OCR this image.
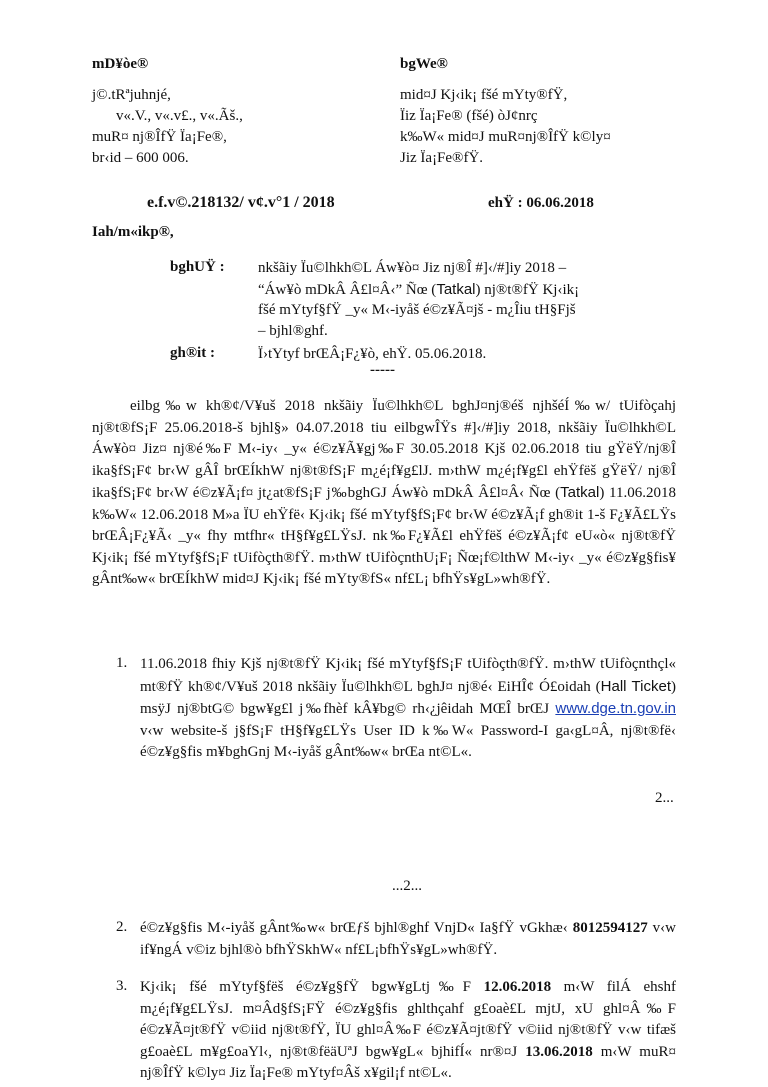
mD¥òe®
j©.tRªjuhnjé,
v«.V., v«.v£., v«.Ãš.,
muR¤ nj®ÎfŸ Ïa¡Fe®,
br‹id – 600 006.
bgWe®
mid¤J Kj‹ik¡ fšé mYty®fŸ,
Ïiz Ïa¡Fe® (fšé) òJ¢nrç
k‰W« mid¤J muR¤nj®ÎfŸ k©ly¤
Jiz Ïa¡Fe®fŸ.
e.f.v©.218132/ v¢.v°1 / 2018	ehŸ : 06.06.2018
Iah/m«ikp®,
bghUŸ : nkšãiy Ïu©lhkh©L Áw¥ò¤ Jiz nj®Î #]‹/#]iy 2018 –
“Áw¥ò mDkÂ Â£l¤Â‹” Ñœ (Tatkal) nj®t®fŸ Kj‹ik¡
fšé mYtyf§fŸ _y« M‹-iyåš é©z¥Ã¤jš - m¿Îiu tH§Fjš
– bjhl®ghf.
gh®it :	Ï›tYtyf brŒÂ¡F¿¥ò, ehŸ. 05.06.2018.
-----
eilbg‰w kh®¢/V¥uš 2018 nkšãiy Ïu©lhkh©L bghJ¤nj®éš njhšéÍ‰w/ tUifòçahj nj®t®fS¡F 25.06.2018-š bjhl§» 04.07.2018 tiu eilbgwÎŸs #]‹/#]iy 2018, nkšãiy Ïu©lhkh©L Áw¥ò¤ Jiz¤ nj®é‰F M‹-iy‹ _y« é©z¥Ã¥gj‰F 30.05.2018 Kjš 02.06.2018 tiu gŸëŸ/nj®Î ika§fS¡F¢ br‹W gÂÎ brŒÍkhW nj®t®fS¡F m¿é¡f¥g£lJ. m›thW m¿é¡f¥g£l ehŸfëš gŸëŸ/ nj®Î ika§fS¡F¢ br‹W é©z¥Ã¡f¤ jt¿at®fS¡F j‰bghGJ Áw¥ò mDkÂ Â£l¤Â‹ Ñœ (Tatkal) 11.06.2018 k‰W« 12.06.2018 M»a ÏU ehŸfë‹ Kj‹ik¡ fšé mYtyf§fS¡F¢ br‹W é©z¥Ã¡f gh®it 1-š F¿¥Ã£LŸs brŒÂ¡F¿¥Ã‹ _y« fhy mtfhr« tH§f¥g£LŸsJ. nk‰F¿¥Ã£l ehŸfëš é©z¥Ã¡f¢ eU«ò« nj®t®fŸ Kj‹ik¡ fšé mYtyf§fS¡F tUifòçth®fŸ. m›thW tUifòçnthU¡F¡ Ñœ¡f©lthW M‹-iy‹ _y« é©z¥g§fis¥ gÂnt‰w« brŒÍkhW mid¤J Kj‹ik¡ fšé mYty®fS« nf£L¡ bfhŸs¥gL»wh®fŸ.
1. 11.06.2018 fhiy Kjš nj®t®fŸ Kj‹ik¡ fšé mYtyf§fS¡F tUifòçth®fŸ. m›thW tUifòçnthçl« mt®fŸ kh®¢/V¥uš 2018 nkšãiy Ïu©lhkh©L bghJ¤ nj®é‹ EiHÎ¢ Ó£oidah (Hall Ticket) msÿJ nj®btG© bgw¥g£l j‰fhèf kÂ¥bg© rh‹¿jêidah MŒÎ brŒJ www.dge.tn.gov.in v‹w website-š j§fS¡F tH§f¥g£LŸs User ID k‰W« Password-I ga‹gL¤Â, nj®t®fë‹ é©z¥g§fis m¥bghGnj M‹-iyåš gÂnt‰w« brŒa nt©L«.
2...
...2...
2. é©z¥g§fis M‹-iyåš gÂnt‰w« brŒƒš bjhl®ghf VnjD« Ia§fŸ vGkhæ‹ 8012594127 v‹w if¥ngÁ v©iz bjhl®ò bfhŸSkhW« nf£L¡bfhŸs¥gL»wh®fŸ.
3. Kj‹ik¡ fšé mYtyf§fëš é©z¥g§fŸ bgw¥gLtj‰F 12.06.2018 m‹W filÁ ehshf m¿é¡f¥g£LŸsJ. m¤Âd§fS¡FŸ é©z¥g§fis ghlthçahf g£oaè£L mjtJ, xU ghl¤Â‰F é©z¥Ã¤jt®fŸ v©iid nj®t®fŸ, ÏU ghl¤Â‰F é©z¥Ã¤jt®fŸ v©iid nj®t®fŸ v‹w tifæš g£oaè£L m¥g£oaYl‹, nj®t®fëäUªJ bgw¥gL« bjhifÍ« nr®¤J 13.06.2018 m‹W muR¤ nj®ÎfŸ k©ly¤ Jiz Ïa¡Fe® mYtyf¤Âš x¥gil¡f nt©L«.
